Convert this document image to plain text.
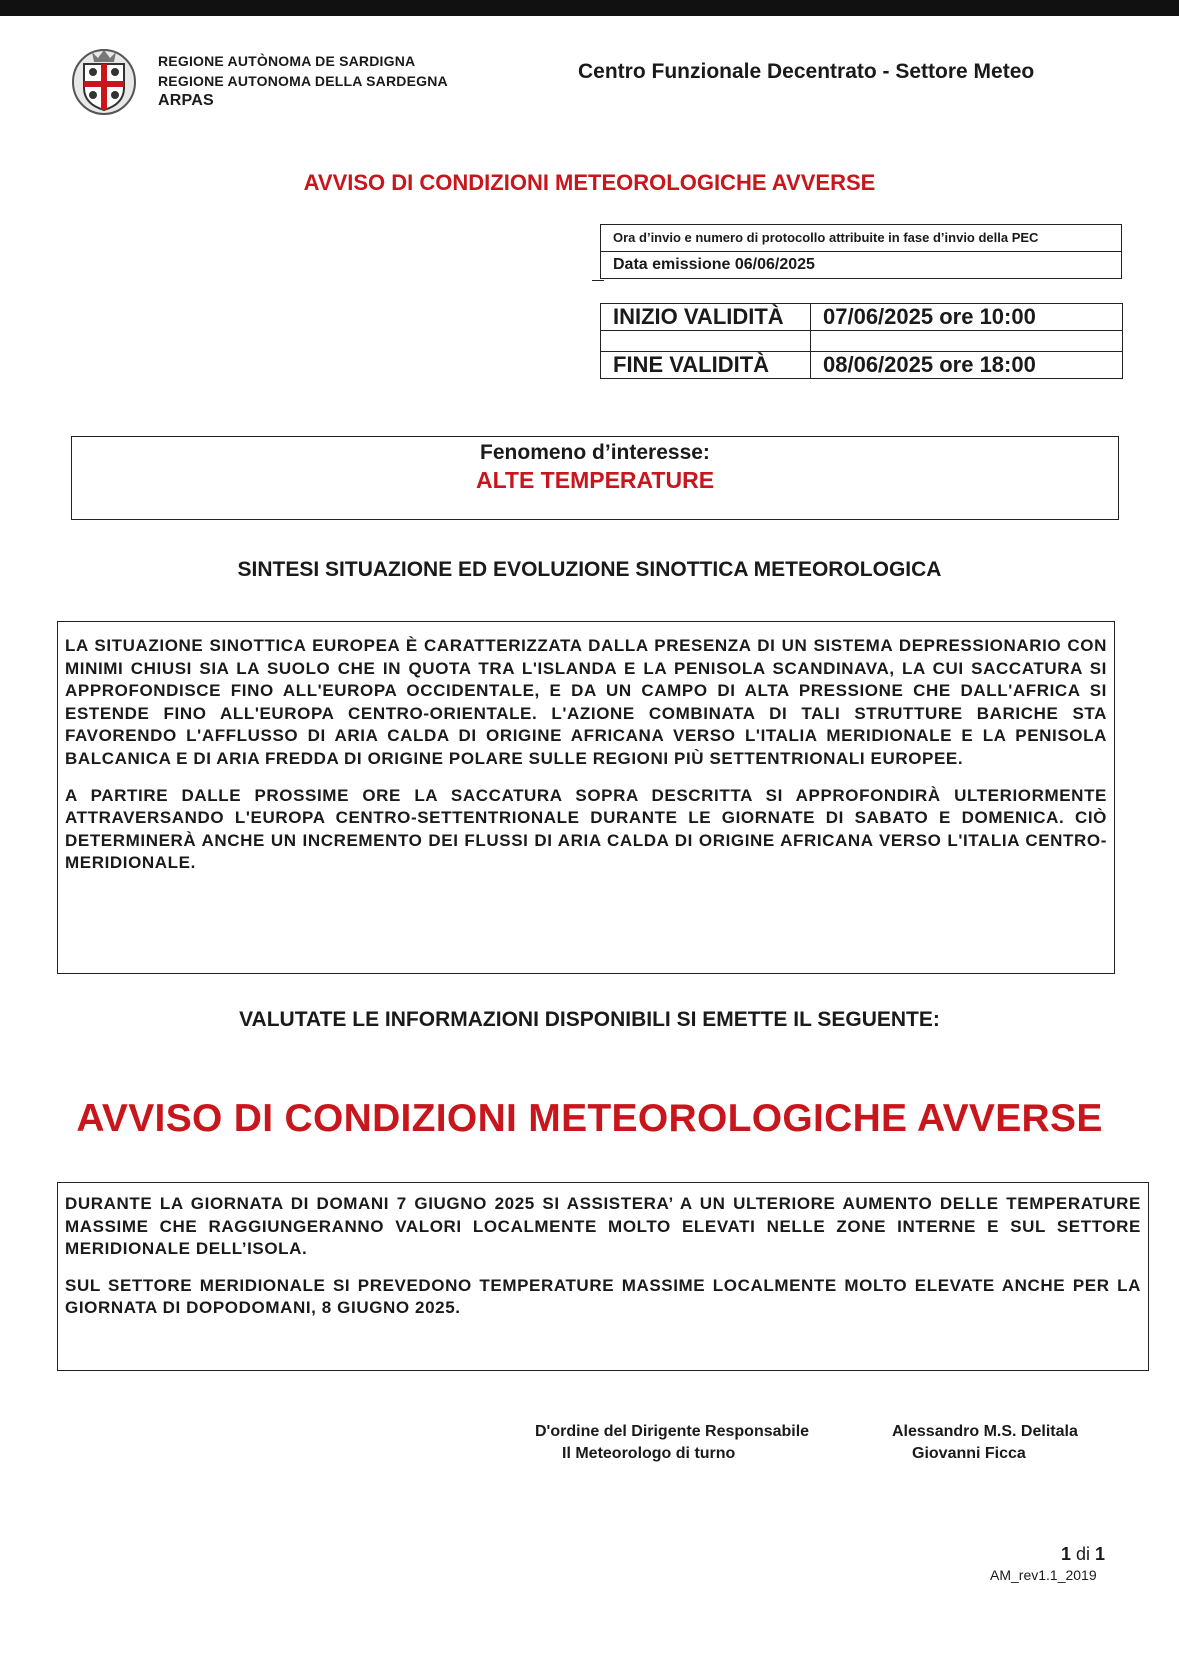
REGIONE AUTÒNOMA DE SARDIGNA
REGIONE AUTONOMA DELLA SARDEGNA
ARPAS
Centro Funzionale Decentrato - Settore Meteo
AVVISO DI CONDIZIONI METEOROLOGICHE AVVERSE
Ora d’invio e numero di protocollo attribuite in fase d’invio della PEC
Data emissione 06/06/2025
INIZIO VALIDITÀ	07/06/2025 ore 10:00
FINE VALIDITÀ	08/06/2025 ore 18:00
Fenomeno d’interesse:
ALTE TEMPERATURE
SINTESI SITUAZIONE ED EVOLUZIONE SINOTTICA METEOROLOGICA

LA SITUAZIONE SINOTTICA EUROPEA È CARATTERIZZATA DALLA PRESENZA DI UN SISTEMA DEPRESSIONARIO CON MINIMI CHIUSI SIA LA SUOLO CHE IN QUOTA TRA L'ISLANDA E LA PENISOLA SCANDINAVA, LA CUI SACCATURA SI APPROFONDISCE FINO ALL'EUROPA OCCIDENTALE, E DA UN CAMPO DI ALTA PRESSIONE CHE DALL'AFRICA SI ESTENDE FINO ALL'EUROPA CENTRO-ORIENTALE. L'AZIONE COMBINATA DI TALI STRUTTURE BARICHE STA FAVORENDO L'AFFLUSSO DI ARIA CALDA DI ORIGINE AFRICANA VERSO L'ITALIA MERIDIONALE E LA PENISOLA BALCANICA E DI ARIA FREDDA DI ORIGINE POLARE SULLE REGIONI PIÙ SETTENTRIONALI EUROPEE.

A PARTIRE DALLE PROSSIME ORE LA SACCATURA SOPRA DESCRITTA SI APPROFONDIRÀ ULTERIORMENTE ATTRAVERSANDO L'EUROPA CENTRO-SETTENTRIONALE DURANTE LE GIORNATE DI SABATO E DOMENICA. CIÒ DETERMINERÀ ANCHE UN INCREMENTO DEI FLUSSI DI ARIA CALDA DI ORIGINE AFRICANA VERSO L'ITALIA CENTRO-MERIDIONALE.

VALUTATE LE INFORMAZIONI DISPONIBILI SI EMETTE IL SEGUENTE:
AVVISO DI CONDIZIONI METEOROLOGICHE AVVERSE

DURANTE LA GIORNATA DI DOMANI 7 GIUGNO 2025 SI ASSISTERA’ A UN ULTERIORE AUMENTO DELLE TEMPERATURE MASSIME CHE RAGGIUNGERANNO VALORI LOCALMENTE MOLTO ELEVATI NELLE ZONE INTERNE E SUL SETTORE MERIDIONALE DELL’ISOLA.

SUL SETTORE MERIDIONALE SI PREVEDONO TEMPERATURE MASSIME LOCALMENTE MOLTO ELEVATE ANCHE PER LA GIORNATA DI DOPODOMANI, 8 GIUGNO 2025.

D'ordine del Dirigente Responsabile
Il Meteorologo di turno
Alessandro M.S. Delitala
Giovanni Ficca
1 di 1
AM_rev1.1_2019
